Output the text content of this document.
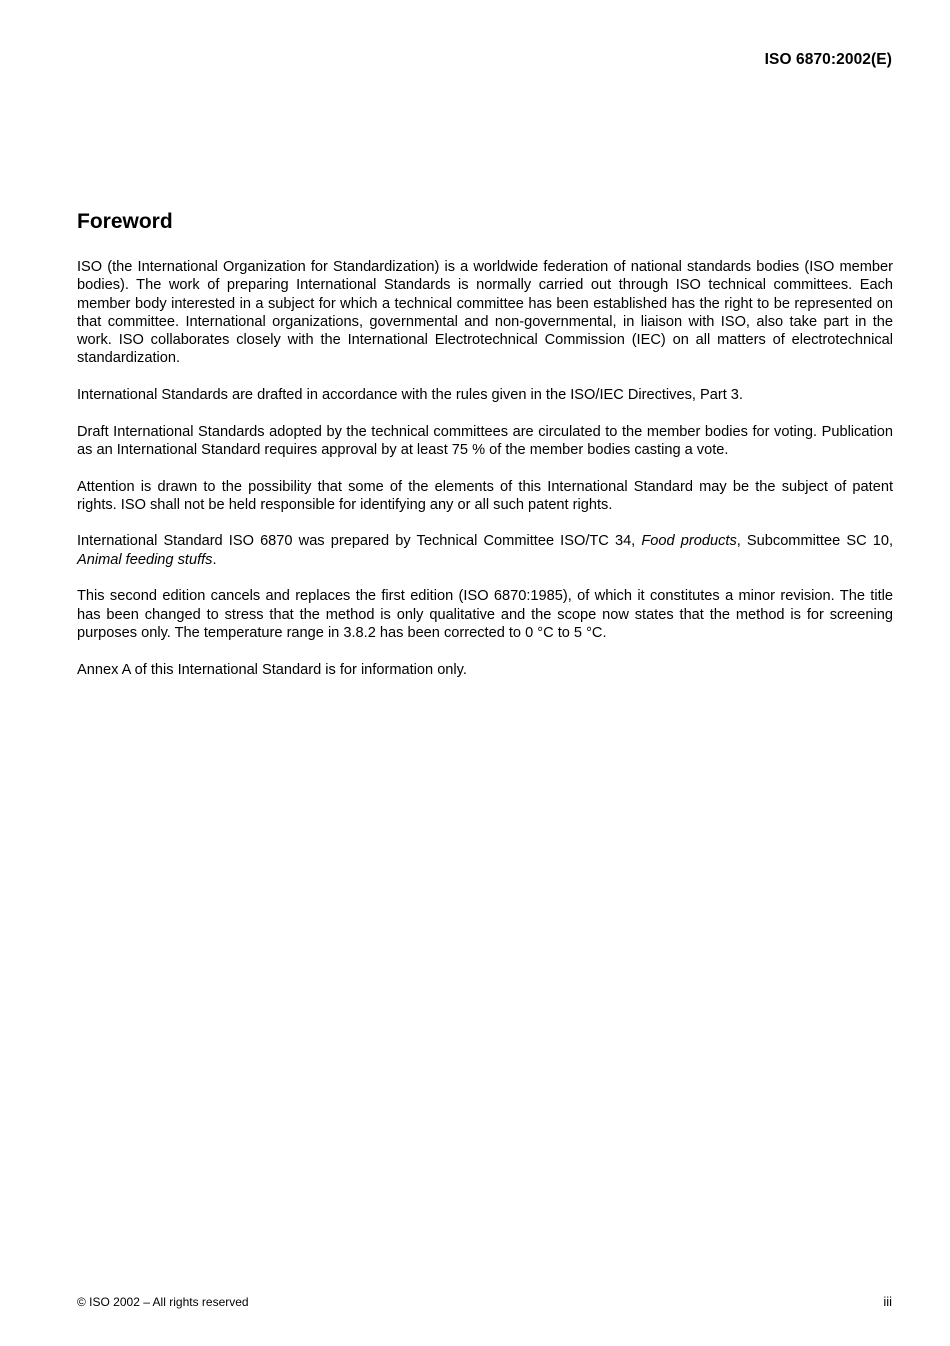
ISO 6870:2002(E)
Foreword

ISO (the International Organization for Standardization) is a worldwide federation of national standards bodies (ISO member bodies). The work of preparing International Standards is normally carried out through ISO technical committees. Each member body interested in a subject for which a technical committee has been established has the right to be represented on that committee. International organizations, governmental and non-governmental, in liaison with ISO, also take part in the work. ISO collaborates closely with the International Electrotechnical Commission (IEC) on all matters of electrotechnical standardization.

International Standards are drafted in accordance with the rules given in the ISO/IEC Directives, Part 3.

Draft International Standards adopted by the technical committees are circulated to the member bodies for voting. Publication as an International Standard requires approval by at least 75 % of the member bodies casting a vote.

Attention is drawn to the possibility that some of the elements of this International Standard may be the subject of patent rights. ISO shall not be held responsible for identifying any or all such patent rights.

International Standard ISO 6870 was prepared by Technical Committee ISO/TC 34, Food products, Subcommittee SC 10, Animal feeding stuffs.

This second edition cancels and replaces the first edition (ISO 6870:1985), of which it constitutes a minor revision. The title has been changed to stress that the method is only qualitative and the scope now states that the method is for screening purposes only. The temperature range in 3.8.2 has been corrected to 0 °C to 5 °C.

Annex A of this International Standard is for information only.

© ISO 2002 – All rights reserved	iii
